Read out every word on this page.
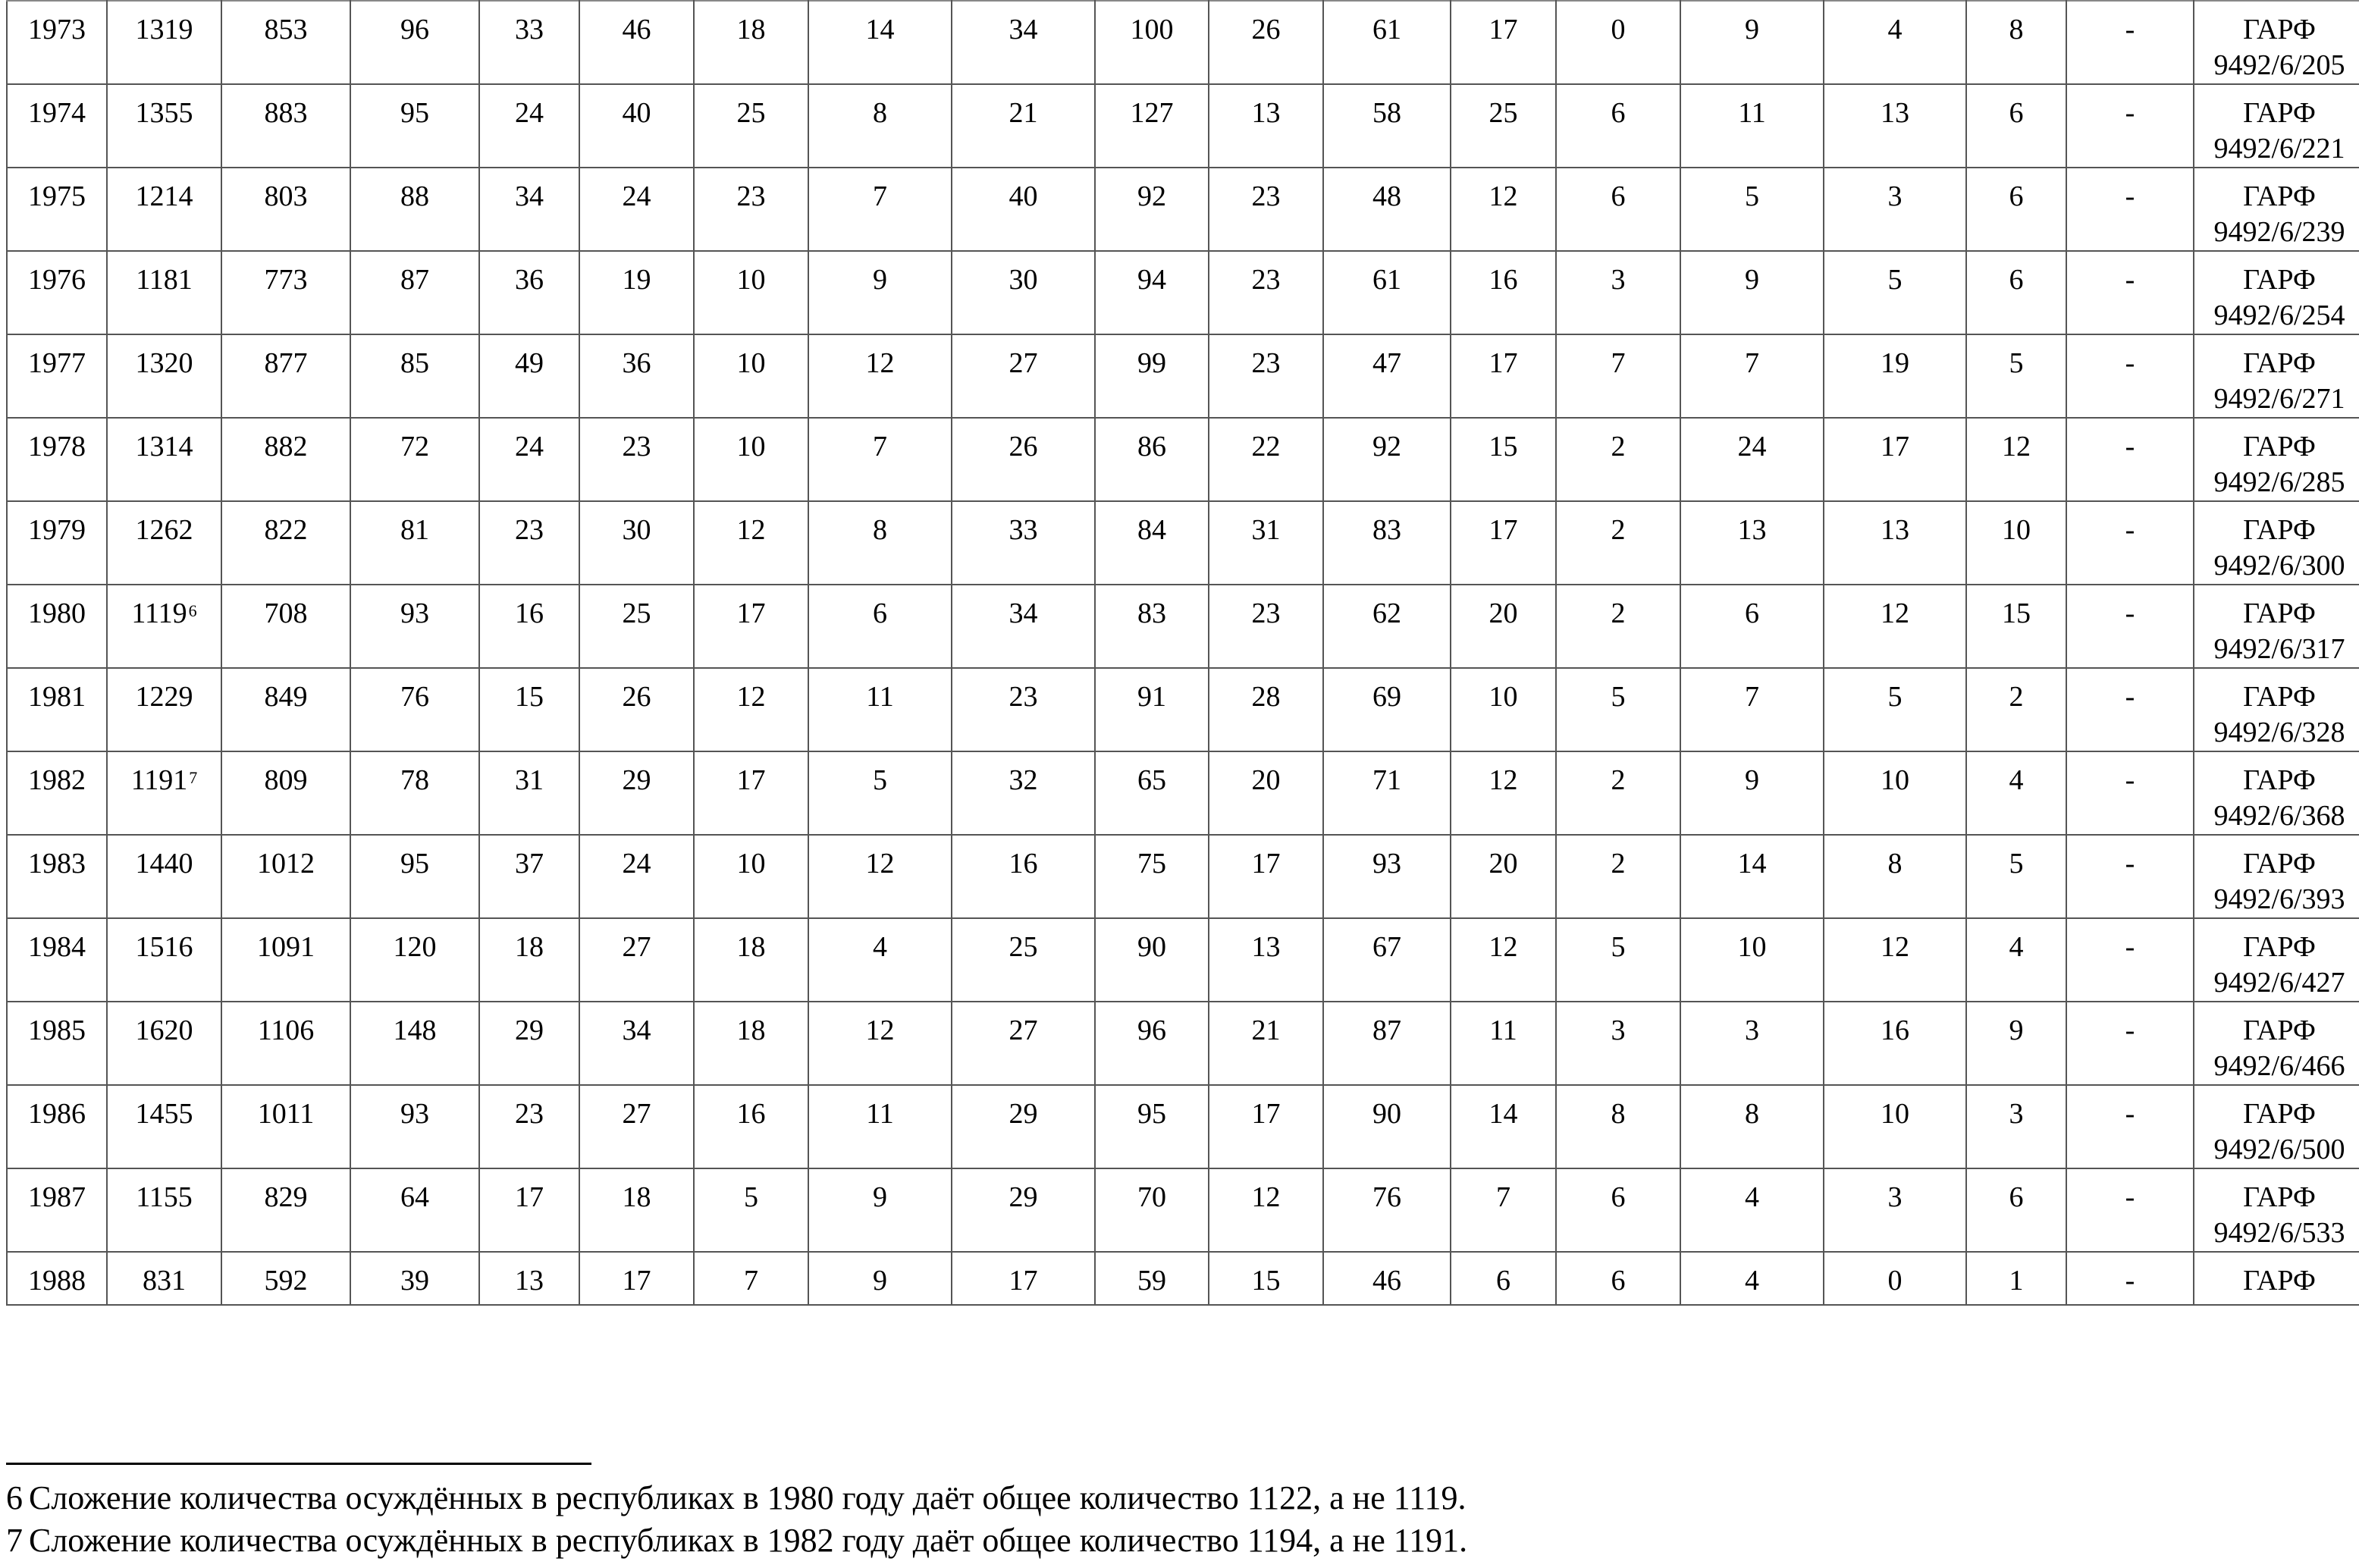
1973	1319	853	96	33	46	18	14	34	100	26	61	17	0	9	4	8	-	ГАРФ
9492/6/205

1974	1355	883	95	24	40	25	8	21	127	13	58	25	6	11	13	6	-	ГАРФ
9492/6/221

1975	1214	803	88	34	24	23	7	40	92	23	48	12	6	5	3	6	-	ГАРФ
9492/6/239

1976	1181	773	87	36	19	10	9	30	94	23	61	16	3	9	5	6	-	ГАРФ
9492/6/254

1977	1320	877	85	49	36	10	12	27	99	23	47	17	7	7	19	5	-	ГАРФ
9492/6/271

1978	1314	882	72	24	23	10	7	26	86	22	92	15	2	24	17	12	-	ГАРФ
9492/6/285

1979	1262	822	81	23	30	12	8	33	84	31	83	17	2	13	13	10	-	ГАРФ
9492/6/300

1980	1119$^6$	708	93	16	25	17	6	34	83	23	62	20	2	6	12	15	-	ГАРФ
9492/6/317

1981	1229	849	76	15	26	12	11	23	91	28	69	10	5	7	5	2	-	ГАРФ
9492/6/328

1982	1191$^7$	809	78	31	29	17	5	32	65	20	71	12	2	9	10	4	-	ГАРФ
9492/6/368

1983	1440	1012	95	37	24	10	12	16	75	17	93	20	2	14	8	5	-	ГАРФ
9492/6/393

1984	1516	1091	120	18	27	18	4	25	90	13	67	12	5	10	12	4	-	ГАРФ
9492/6/427

1985	1620	1106	148	29	34	18	12	27	96	21	87	11	3	3	16	9	-	ГАРФ
9492/6/466

1986	1455	1011	93	23	27	16	11	29	95	17	90	14	8	8	10	3	-	ГАРФ
9492/6/500

1987	1155	829	64	17	18	5	9	29	70	12	76	7	6	4	3	6	-	ГАРФ
9492/6/533

1988	831	592	39	13	17	7	9	17	59	15	46	6	6	4	0	1	-	ГАРФ
6 Сложение количества осуждённых в республиках в 1980 году даёт общее количество 1122, а не 1119.
7 Сложение количества осуждённых в республиках в 1982 году даёт общее количество 1194, а не 1191.
